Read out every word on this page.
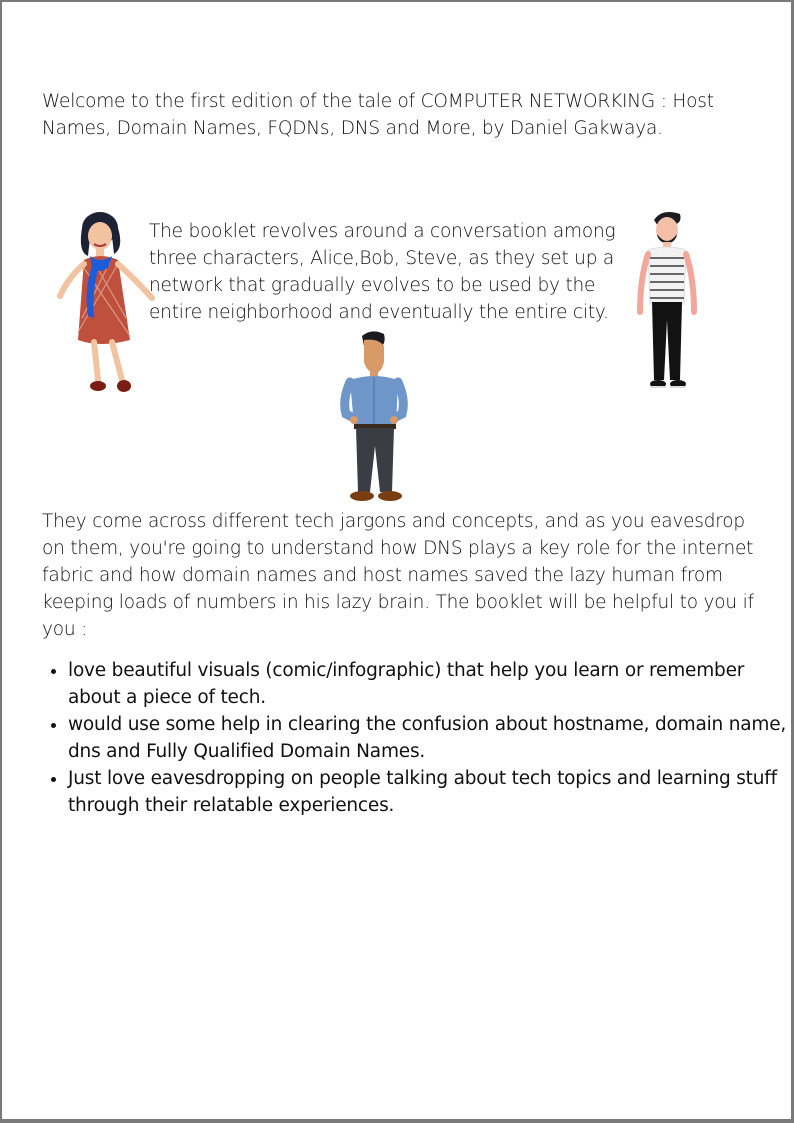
Welcome to the first edition of the tale of COMPUTER NETWORKING : Host Names, Domain Names, FQDNs, DNS and More, by Daniel Gakwaya.

The booklet revolves around a conversation among three characters, Alice,Bob, Steve, as they set up a network that gradually evolves to be used by the entire neighborhood and eventually the entire city.

They come across different tech jargons and concepts, and as you eavesdrop on them, you're going to understand how DNS plays a key role for the internet fabric and how domain names and host names saved the lazy human from keeping loads of numbers in his lazy brain. The booklet will be helpful to you if you :

• love beautiful visuals (comic/infographic) that help you learn or remember about a piece of tech.
• would use some help in clearing the confusion about hostname, domain name, dns and Fully Qualified Domain Names.
• Just love eavesdropping on people talking about tech topics and learning stuff through their relatable experiences.
